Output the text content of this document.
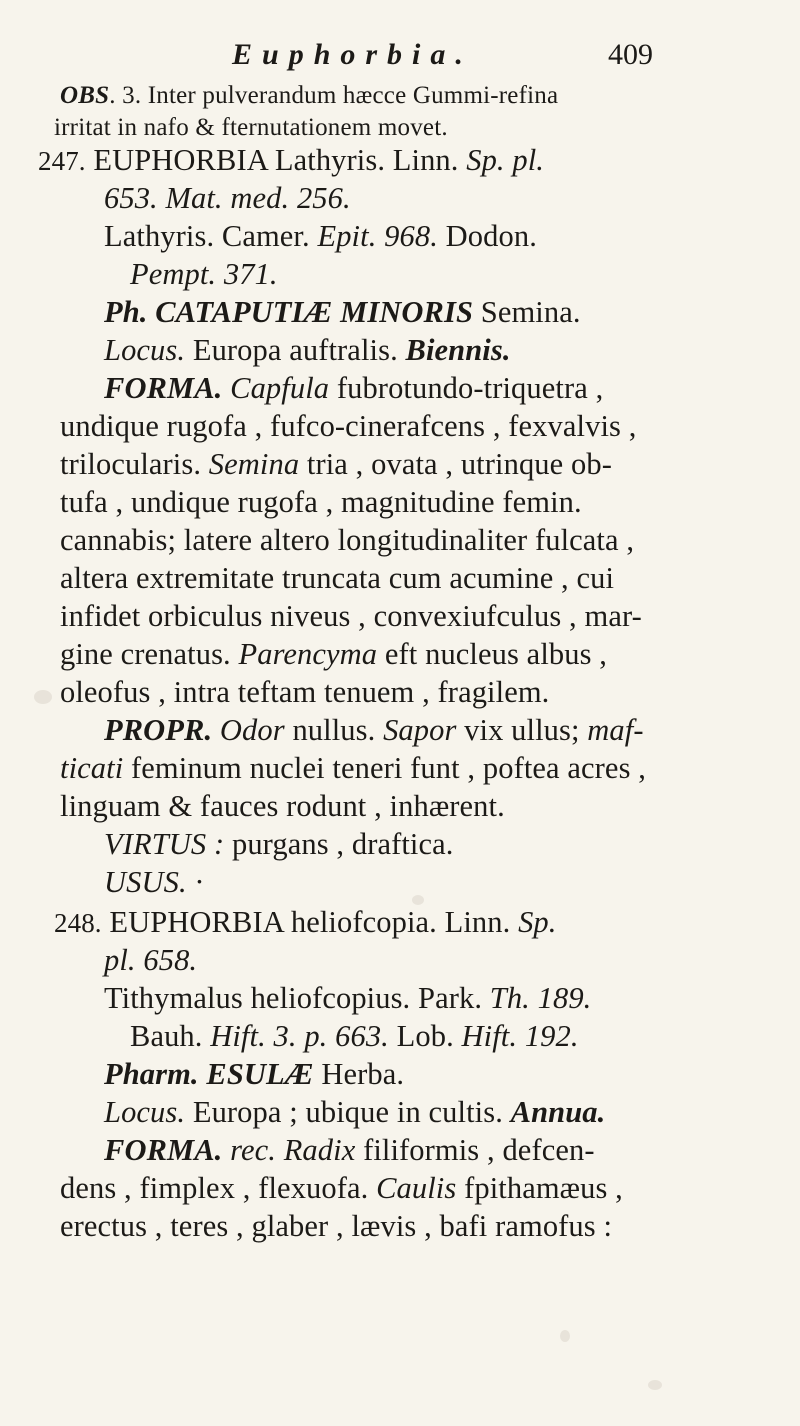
Euphorbia.	409
OBS. 3. Inter pulverandum hæcce Gummi-refina
irritat in nafo & fternutationem movet.
247. EUPHORBIA Lathyris. Linn. Sp. pl.
653. Mat. med. 256.
Lathyris. Camer. Epit. 968. Dodon.
Pempt. 371.
Ph. CATAPUTIÆ MINORIS Semina.
Locus. Europa auftralis. Biennis.
FORMA. Capfula fubrotundo-triquetra ,
undique rugofa , fufco-cinerafcens , fexvalvis ,
trilocularis. Semina tria , ovata , utrinque ob-
tufa , undique rugofa , magnitudine femin.
cannabis; latere altero longitudinaliter fulcata ,
altera extremitate truncata cum acumine , cui
infidet orbiculus niveus , convexiufculus , mar-
gine crenatus. Parencyma eft nucleus albus ,
oleofus , intra teftam tenuem , fragilem.
PROPR. Odor nullus. Sapor vix ullus; maf-
ticati feminum nuclei teneri funt , poftea acres ,
linguam & fauces rodunt , inhærent.
VIRTUS : purgans , draftica.
USUS. ·
248. EUPHORBIA heliofcopia. Linn. Sp.
pl. 658.
Tithymalus heliofcopius. Park. Th. 189.
Bauh. Hift. 3. p. 663. Lob. Hift. 192.
Pharm. ESULÆ Herba.
Locus. Europa ; ubique in cultis. Annua.
FORMA. rec. Radix filiformis , defcen-
dens , fimplex , flexuofa. Caulis fpithamæus ,
erectus , teres , glaber , lævis , bafi ramofus :
